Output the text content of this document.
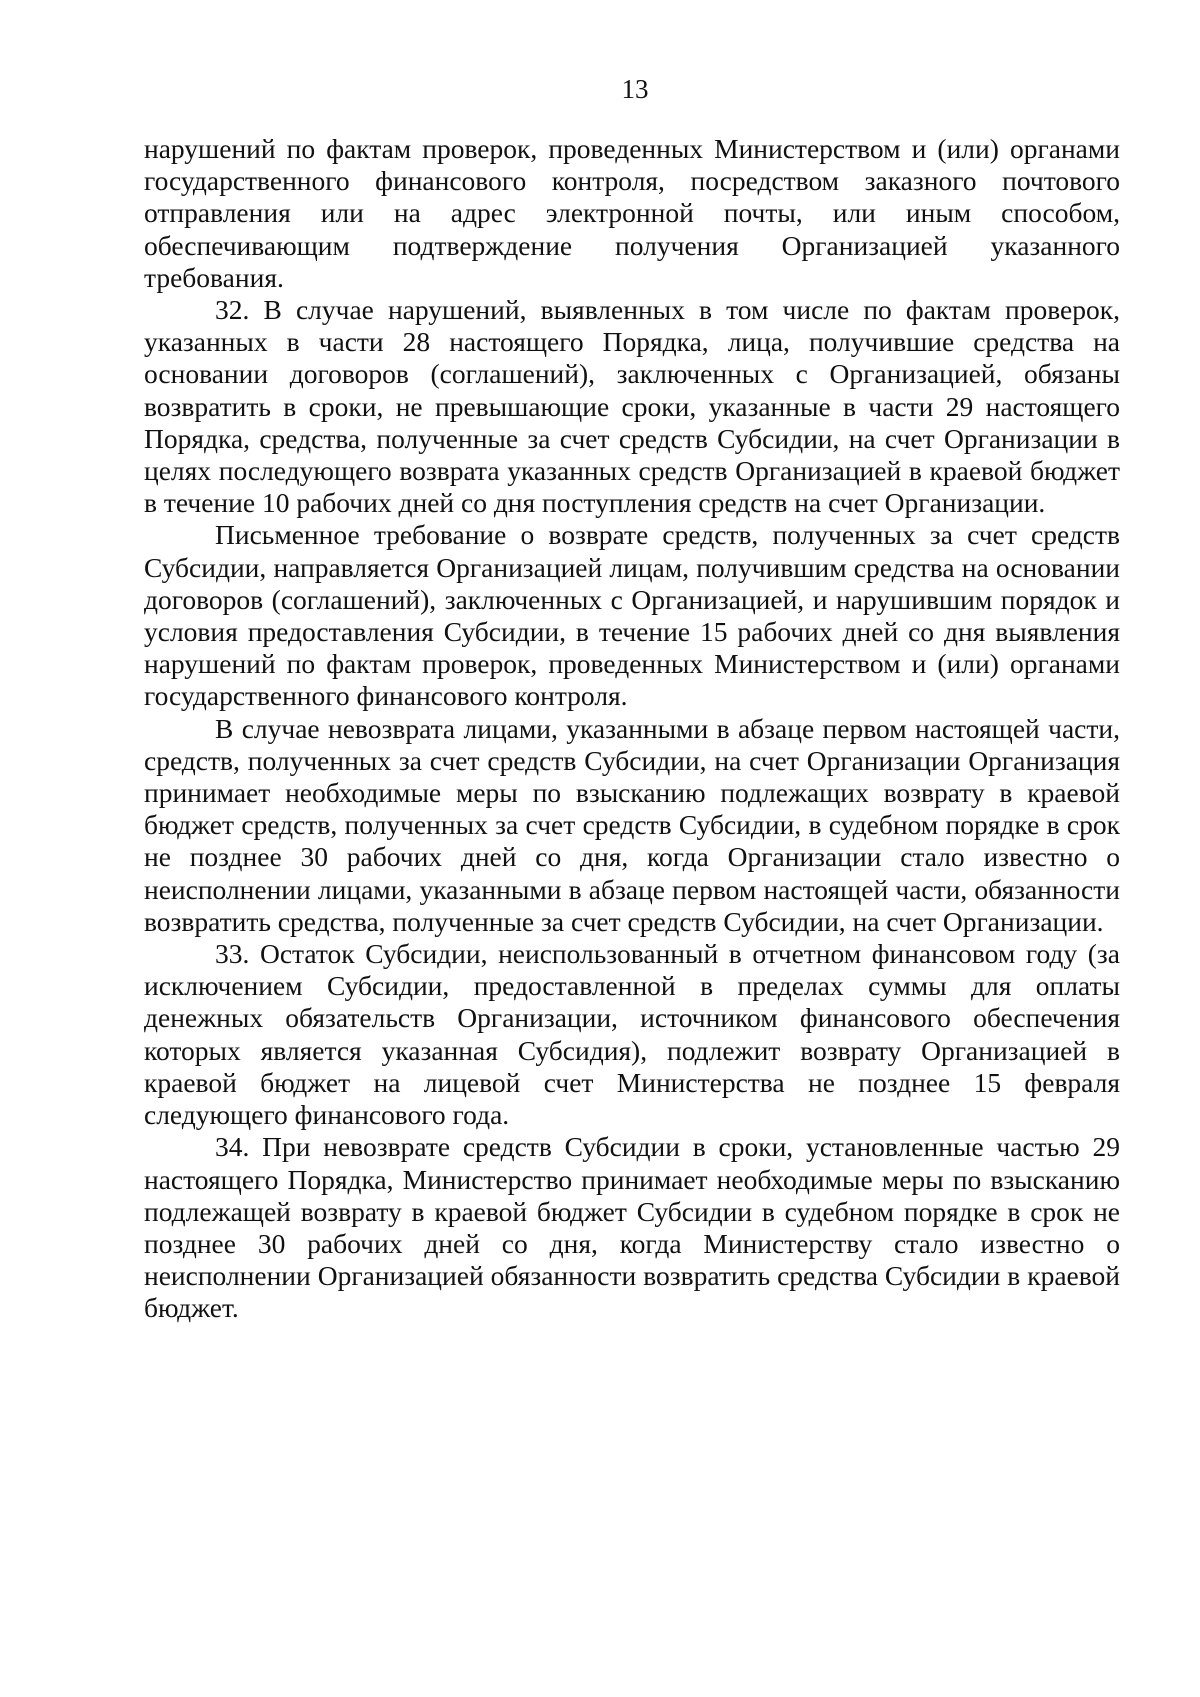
13

нарушений по фактам проверок, проведенных Министерством и (или) органами государственного финансового контроля, посредством заказного почтового отправления или на адрес электронной почты, или иным способом, обеспечивающим подтверждение получения Организацией указанного требования.

32. В случае нарушений, выявленных в том числе по фактам проверок, указанных в части 28 настоящего Порядка, лица, получившие средства на основании договоров (соглашений), заключенных с Организацией, обязаны возвратить в сроки, не превышающие сроки, указанные в части 29 настоящего Порядка, средства, полученные за счет средств Субсидии, на счет Организации в целях последующего возврата указанных средств Организацией в краевой бюджет в течение 10 рабочих дней со дня поступления средств на счет Организации.

Письменное требование о возврате средств, полученных за счет средств Субсидии, направляется Организацией лицам, получившим средства на основании договоров (соглашений), заключенных с Организацией, и нарушившим порядок и условия предоставления Субсидии, в течение 15 рабочих дней со дня выявления нарушений по фактам проверок, проведенных Министерством и (или) органами государственного финансового контроля.

В случае невозврата лицами, указанными в абзаце первом настоящей части, средств, полученных за счет средств Субсидии, на счет Организации Организация принимает необходимые меры по взысканию подлежащих возврату в краевой бюджет средств, полученных за счет средств Субсидии, в судебном порядке в срок не позднее 30 рабочих дней со дня, когда Организации стало известно о неисполнении лицами, указанными в абзаце первом настоящей части, обязанности возвратить средства, полученные за счет средств Субсидии, на счет Организации.

33. Остаток Субсидии, неиспользованный в отчетном финансовом году (за исключением Субсидии, предоставленной в пределах суммы для оплаты денежных обязательств Организации, источником финансового обеспечения которых является указанная Субсидия), подлежит возврату Организацией в краевой бюджет на лицевой счет Министерства не позднее 15 февраля следующего финансового года.

34. При невозврате средств Субсидии в сроки, установленные частью 29 настоящего Порядка, Министерство принимает необходимые меры по взысканию подлежащей возврату в краевой бюджет Субсидии в судебном порядке в срок не позднее 30 рабочих дней со дня, когда Министерству стало известно о неисполнении Организацией обязанности возвратить средства Субсидии в краевой бюджет.
